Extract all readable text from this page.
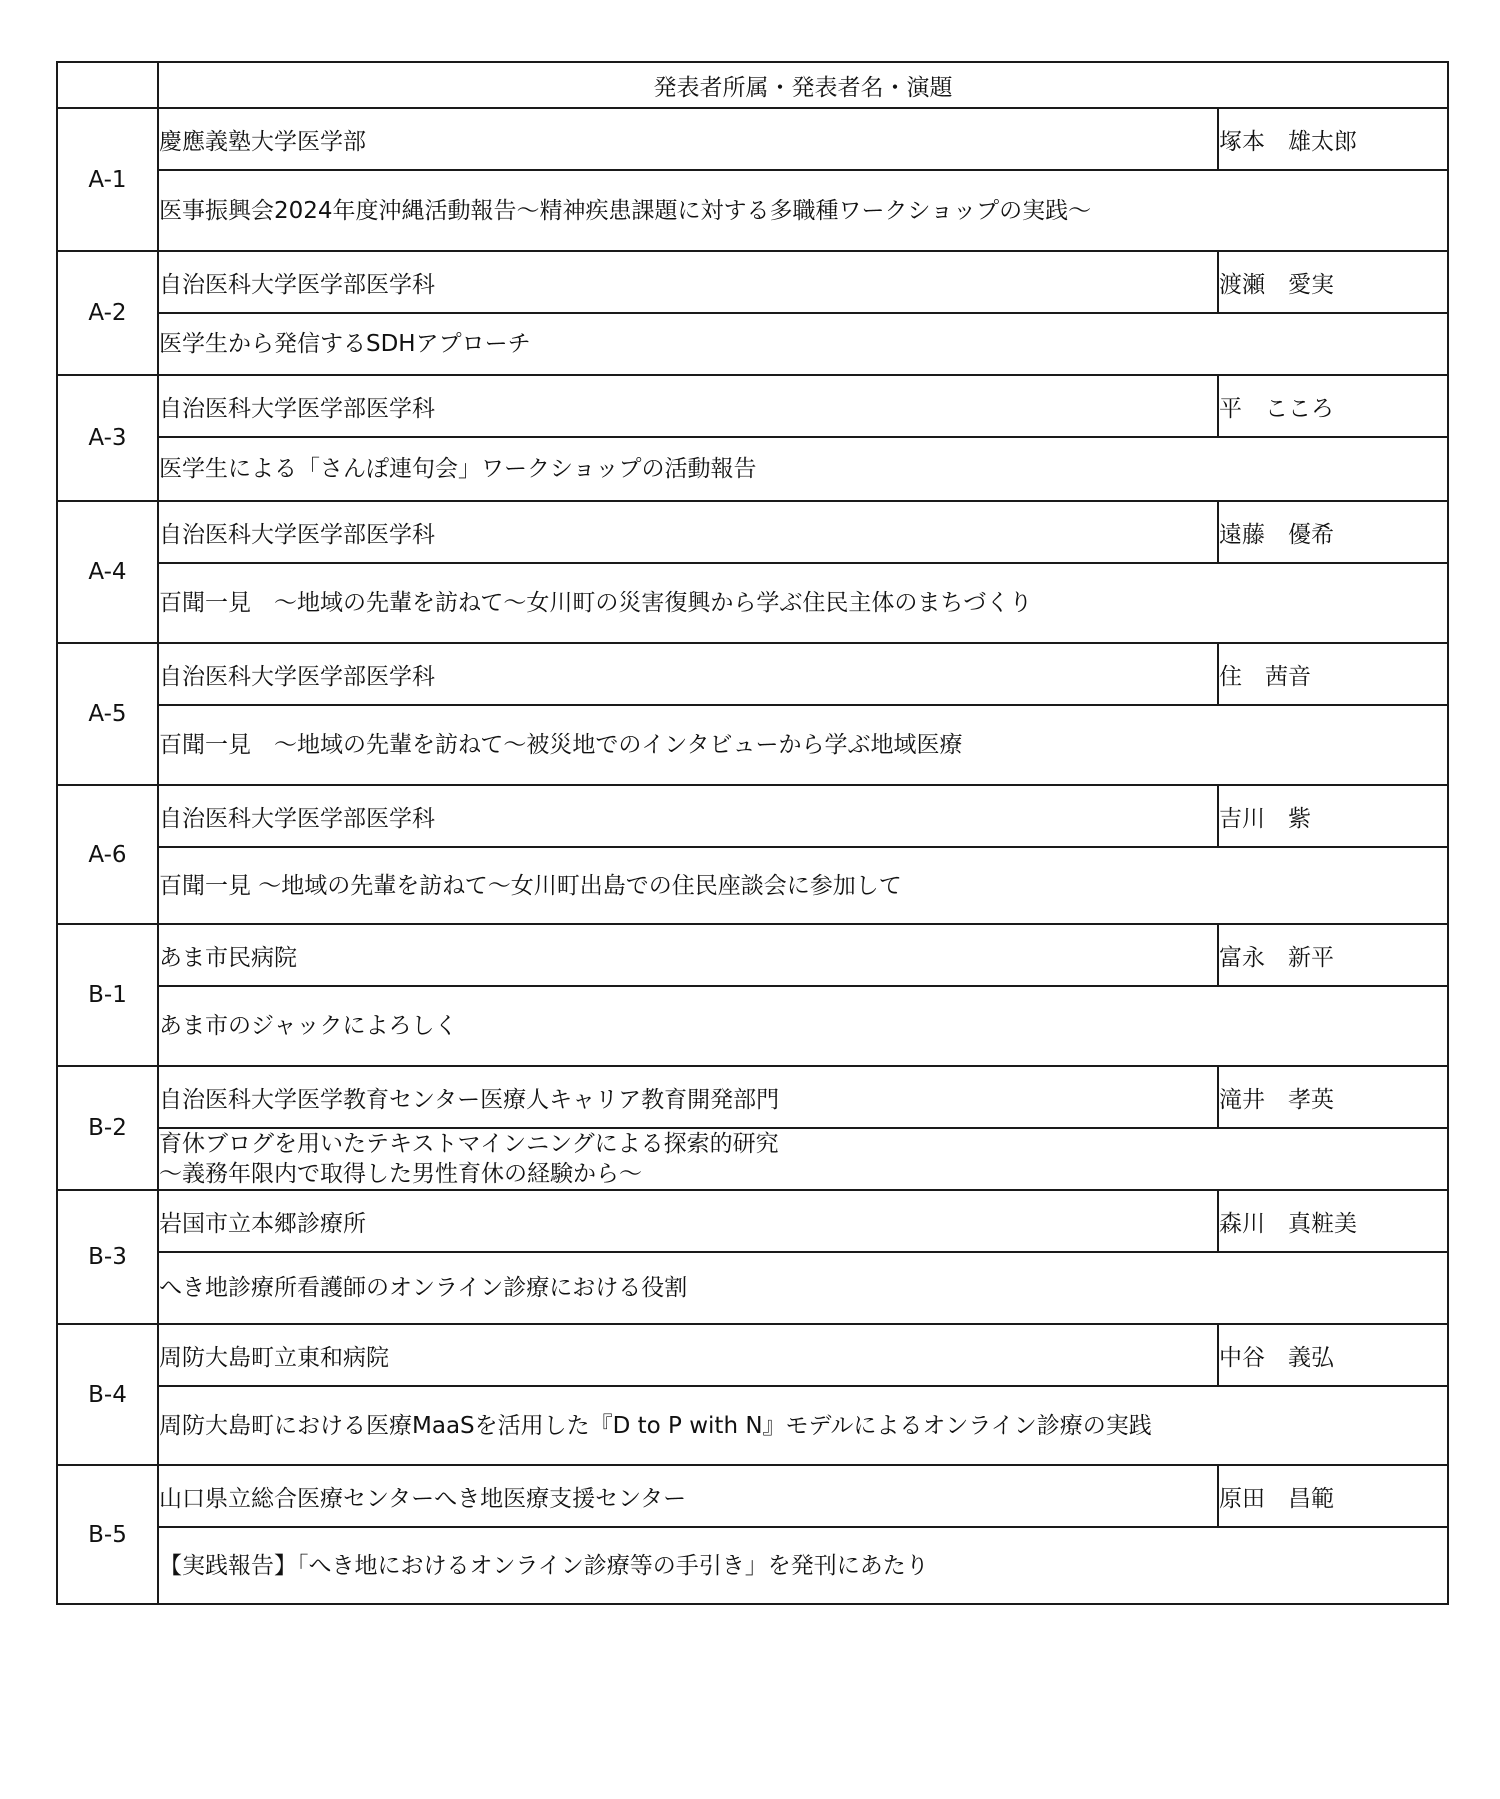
	発表者所属・発表者名・演題	
A-1	慶應義塾大学医学部	塚本　雄太郎

	医事振興会2024年度沖縄活動報告～精神疾患課題に対する多職種ワークショップの実践～	

A-2	自治医科大学医学部医学科	渡瀬　愛実

	医学生から発信するSDHアプローチ	

A-3	自治医科大学医学部医学科	平　こころ

	医学生による「さんぽ連句会」ワークショップの活動報告	

A-4	自治医科大学医学部医学科	遠藤　優希

	百聞一見　～地域の先輩を訪ねて～女川町の災害復興から学ぶ住民主体のまちづくり	

A-5	自治医科大学医学部医学科	住　茜音

	百聞一見　～地域の先輩を訪ねて～被災地でのインタビューから学ぶ地域医療	

A-6	自治医科大学医学部医学科	吉川　紫

	百聞一見 ～地域の先輩を訪ねて～女川町出島での住民座談会に参加して	

B-1	あま市民病院	富永　新平

	あま市のジャックによろしく	

B-2	自治医科大学医学教育センター医療人キャリア教育開発部門	滝井　孝英

	育休ブログを用いたテキストマインニングによる探索的研究
～義務年限内で取得した男性育休の経験から～	

B-3	岩国市立本郷診療所	森川　真粧美

	へき地診療所看護師のオンライン診療における役割	

B-4	周防大島町立東和病院	中谷　義弘

	周防大島町における医療MaaSを活用した『D to P with N』モデルによるオンライン診療の実践	

B-5	山口県立総合医療センターへき地医療支援センター	原田　昌範

	【実践報告】「へき地におけるオンライン診療等の手引き」を発刊にあたり	
